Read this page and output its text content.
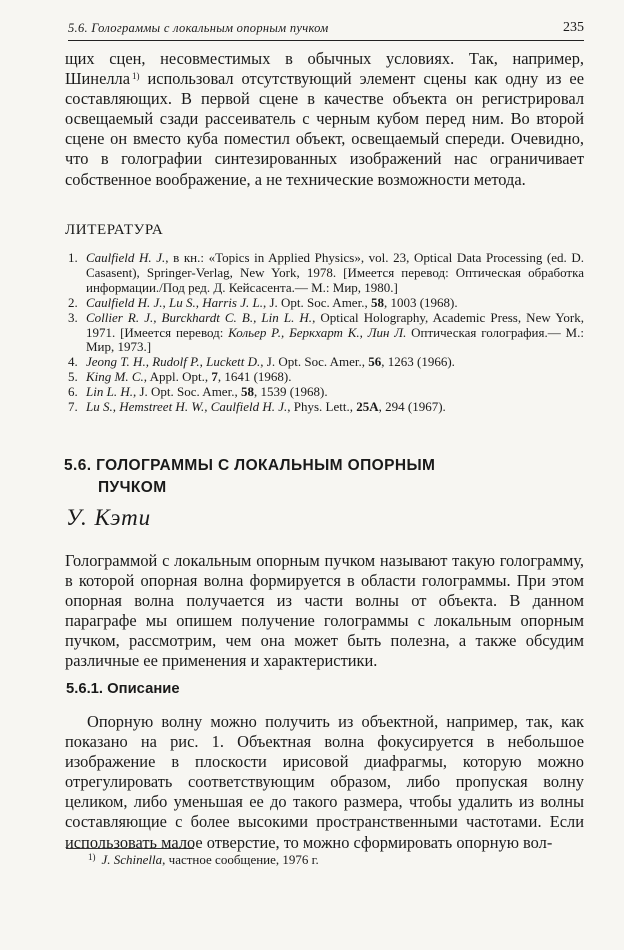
5.6. Голограммы с локальным опорным пучком	235
щих сцен, несовместимых в обычных условиях. Так, например, Шинелла $^{1)}$ использовал отсутствующий элемент сцены как одну из ее составляющих. В первой сцене в качестве объекта он регистрировал освещаемый сзади рассеиватель с черным кубом перед ним. Во второй сцене он вместо куба поместил объект, освещаемый спереди. Очевидно, что в голографии синтезированных изображений нас ограничивает собственное воображение, а не технические возможности метода.
ЛИТЕРАТУРА
1. Caulfield H. J., в кн.: «Topics in Applied Physics», vol. 23, Optical Data Processing (ed. D. Casasent), Springer-Verlag, New York, 1978. [Имеется перевод: Оптическая обработка информации./Под ред. Д. Кейсасента.— М.: Мир, 1980.]
2. Caulfield H. J., Lu S., Harris J. L., J. Opt. Soc. Amer., 58, 1003 (1968).
3. Collier R. J., Burckhardt C. B., Lin L. H., Optical Holography, Academic Press, New York, 1971. [Имеется перевод: Кольер Р., Беркхарт К., Лин Л. Оптическая голография.— М.: Мир, 1973.]
4. Jeong T. H., Rudolf P., Luckett D., J. Opt. Soc. Amer., 56, 1263 (1966).
5. King M. C., Appl. Opt., 7, 1641 (1968).
6. Lin L. H., J. Opt. Soc. Amer., 58, 1539 (1968).
7. Lu S., Hemstreet H. W., Caulfield H. J., Phys. Lett., 25A, 294 (1967).
5.6. ГОЛОГРАММЫ С ЛОКАЛЬНЫМ ОПОРНЫМ
ПУЧКОМ
У. Кэти
Голограммой с локальным опорным пучком называют такую голограмму, в которой опорная волна формируется в области голограммы. При этом опорная волна получается из части волны от объекта. В данном параграфе мы опишем получение голограммы с локальным опорным пучком, рассмотрим, чем она может быть полезна, а также обсудим различные ее применения и характеристики.
5.6.1. Описание
Опорную волну можно получить из объектной, например, так, как показано на рис. 1. Объектная волна фокусируется в небольшое изображение в плоскости ирисовой диафрагмы, которую можно отрегулировать соответствующим образом, либо пропуская волну целиком, либо уменьшая ее до такого размера, чтобы удалить из волны составляющие с более высокими пространственными частотами. Если использовать малое отверстие, то можно сформировать опорную вол-
$^{1)}$ J. Schinella, частное сообщение, 1976 г.
